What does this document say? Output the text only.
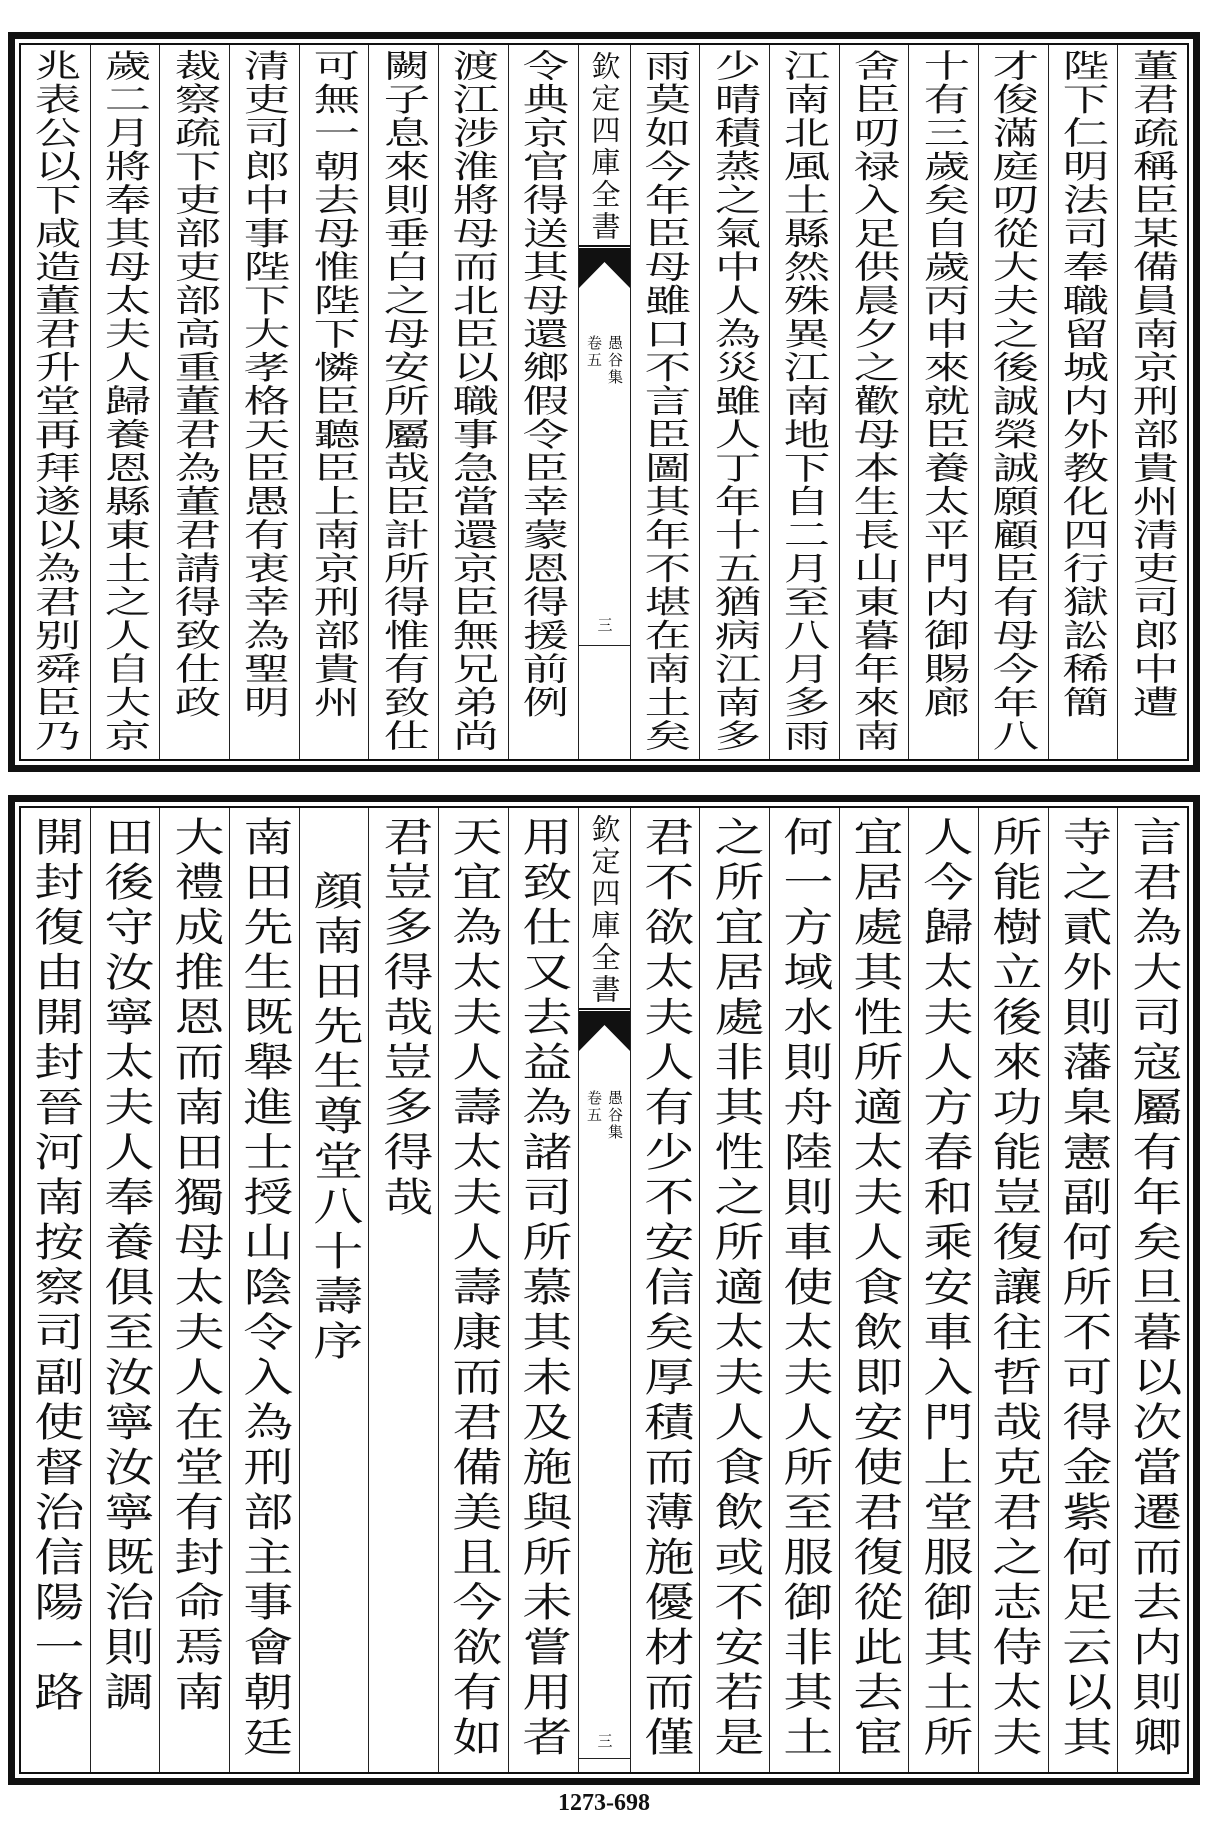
董君疏稱臣某備員南京刑部貴州清吏司郎中遭
陛下仁明法司奉職留城内外教化四行獄訟稀簡
才俊滿庭叨從大夫之後誠榮誠願顧臣有母今年八
十有三歲矣自歲丙申來就臣養太平門内御賜廊
舍臣叨禄入足供晨夕之歡母本生長山東暮年來南
江南北風土縣然殊異江南地下自二月至八月多雨
少晴積蒸之氣中人為災雖人丁年十五猶病江南多
雨莫如今年臣母雖口不言臣圖其年不堪在南土矣
欽定四庫全書
愚谷集
卷五
三
令典京官得送其母還鄉假令臣幸蒙恩得援前例
渡江涉淮將母而北臣以職事急當還京臣無兄弟尚
闕子息來則垂白之母安所屬哉臣計所得惟有致仕
可無一朝去母惟陛下憐臣聽臣上南京刑部貴州
清吏司郎中事陛下大孝格天臣愚有衷幸為聖明
裁察疏下吏部吏部高重董君為董君請得致仕政
歲二月將奉其母太夫人歸養恩縣東土之人自大京
兆表公以下咸造董君升堂再拜遂以為君别舜臣乃
言君為大司寇屬有年矣旦暮以次當遷而去内則卿
寺之貳外則藩臬憲副何所不可得金紫何足云以其
所能樹立後來功能豈復讓往哲哉克君之志侍太夫
人今歸太夫人方春和乘安車入門上堂服御其土所
宜居處其性所適太夫人食飲即安使君復從此去宦
何一方域水則舟陸則車使太夫人所至服御非其土
之所宜居處非其性之所適太夫人食飲或不安若是
君不欲太夫人有少不安信矣厚積而薄施優材而僅
欽定四庫全書
愚谷集
卷五
三
用致仕又去益為諸司所慕其未及施與所未嘗用者
天宜為太夫人壽太夫人壽康而君備美且今欲有如
君豈多得哉豈多得哉
顔南田先生尊堂八十壽序
南田先生既舉進士授山陰令入為刑部主事會朝廷
大禮成推恩而南田獨母太夫人在堂有封命焉南
田後守汝寧太夫人奉養俱至汝寧汝寧既治則調
開封復由開封晉河南按察司副使督治信陽一路
1273-698
